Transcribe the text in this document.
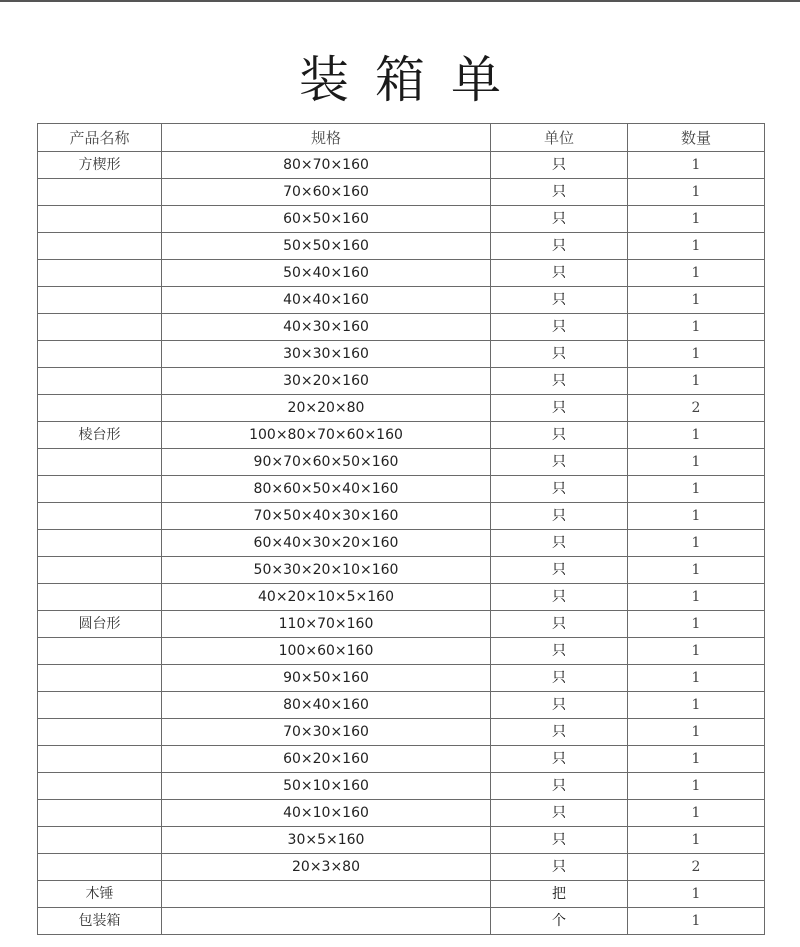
装箱单
产品名称	规格	单位	数量
方楔形	80×70×160	只	1
	70×60×160	只	1
	60×50×160	只	1
	50×50×160	只	1
	50×40×160	只	1
	40×40×160	只	1
	40×30×160	只	1
	30×30×160	只	1
	30×20×160	只	1
	20×20×80	只	2
棱台形	100×80×70×60×160	只	1
	90×70×60×50×160	只	1
	80×60×50×40×160	只	1
	70×50×40×30×160	只	1
	60×40×30×20×160	只	1
	50×30×20×10×160	只	1
	40×20×10×5×160	只	1
圆台形	110×70×160	只	1
	100×60×160	只	1
	90×50×160	只	1
	80×40×160	只	1
	70×30×160	只	1
	60×20×160	只	1
	50×10×160	只	1
	40×10×160	只	1
	30×5×160	只	1
	20×3×80	只	2
木锤		把	1
包装箱		个	1
